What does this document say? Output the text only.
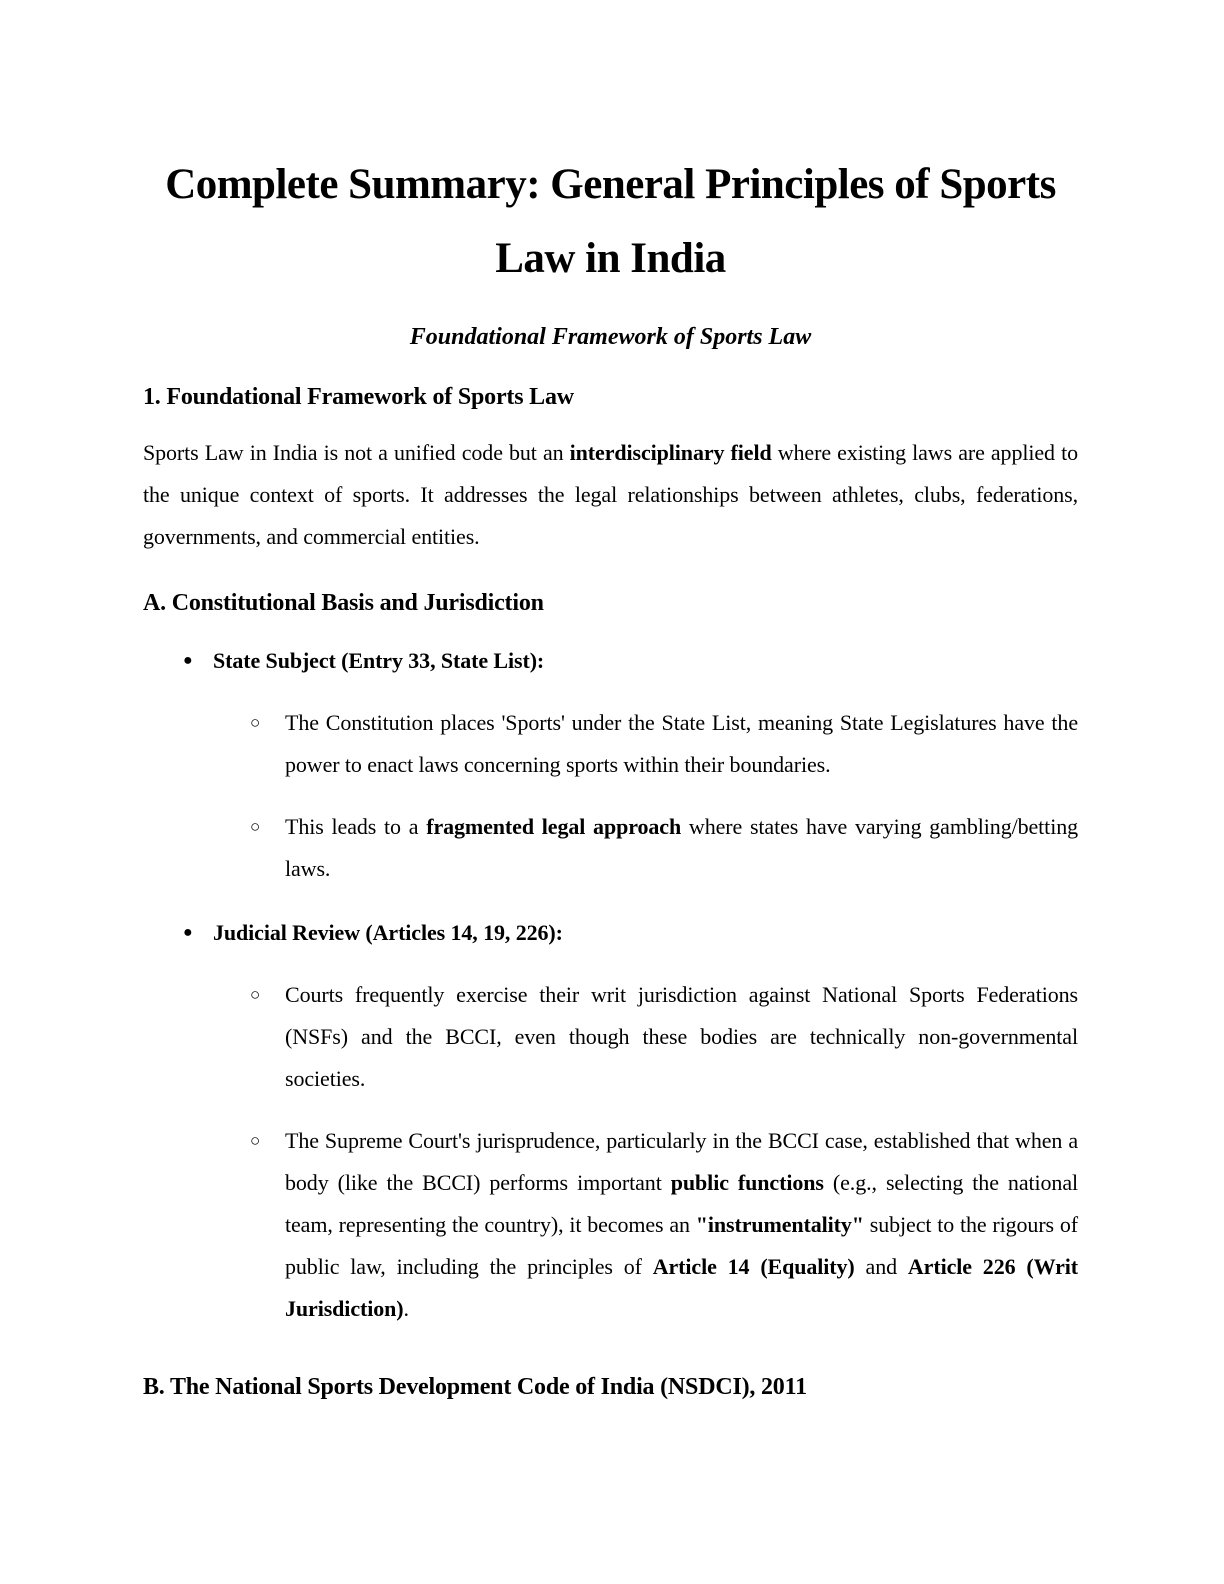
Complete Summary: General Principles of Sports
Law in India
Foundational Framework of Sports Law
1. Foundational Framework of Sports Law
Sports Law in India is not a unified code but an interdisciplinary field where existing laws are applied to the unique context of sports. It addresses the legal relationships between athletes, clubs, federations, governments, and commercial entities.
A. Constitutional Basis and Jurisdiction
● State Subject (Entry 33, State List):
○	The Constitution places 'Sports' under the State List, meaning State Legislatures have the power to enact laws concerning sports within their boundaries.
○	This leads to a fragmented legal approach where states have varying gambling/betting laws.
● Judicial Review (Articles 14, 19, 226):
○	Courts frequently exercise their writ jurisdiction against National Sports Federations (NSFs) and the BCCI, even though these bodies are technically non-governmental societies.
○	The Supreme Court's jurisprudence, particularly in the BCCI case, established that when a body (like the BCCI) performs important public functions (e.g., selecting the national team, representing the country), it becomes an "instrumentality" subject to the rigours of public law, including the principles of Article 14 (Equality) and Article 226 (Writ Jurisdiction).
B. The National Sports Development Code of India (NSDCI), 2011
